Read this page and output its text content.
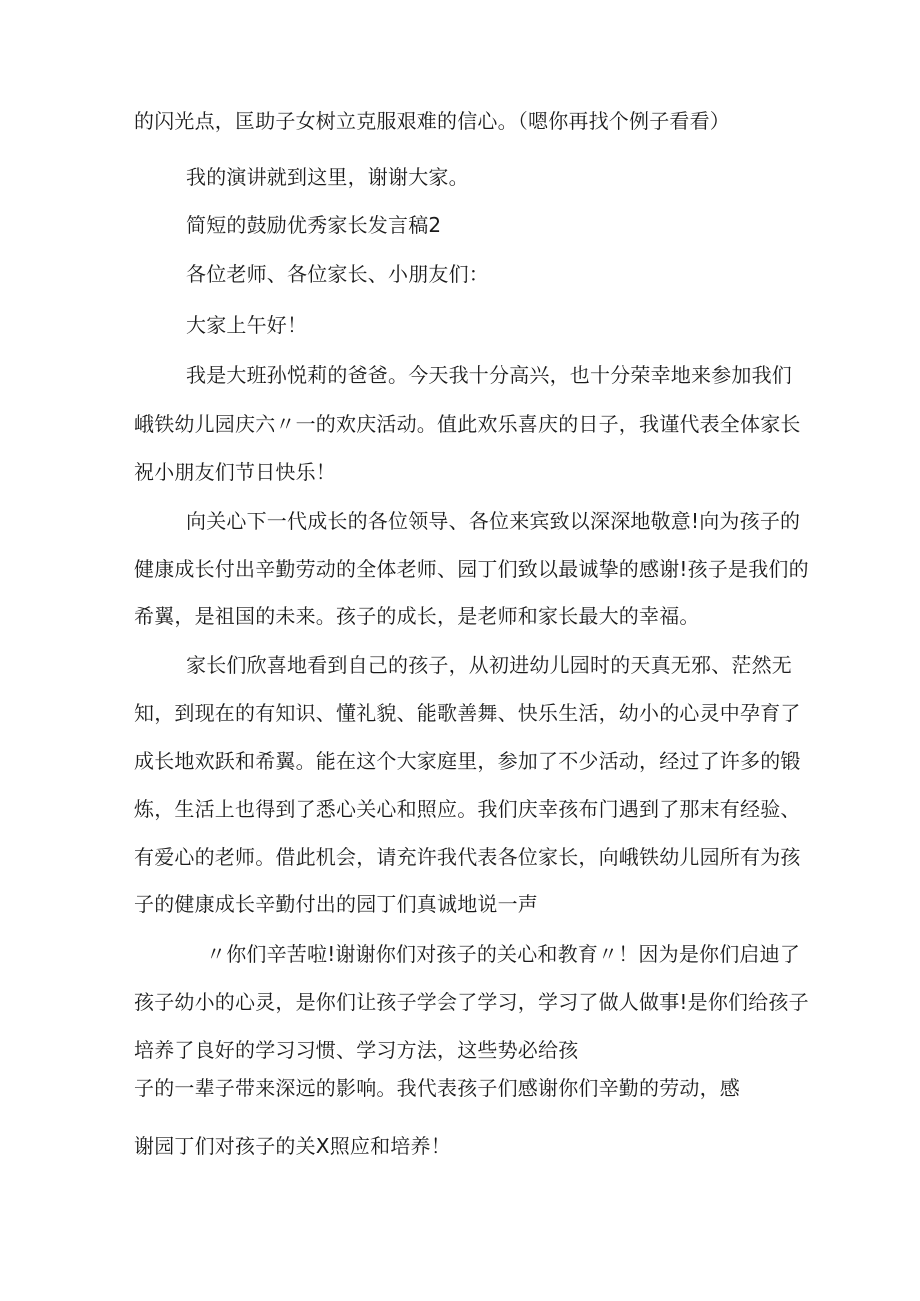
的闪光点，匡助子女树立克服艰难的信心。（嗯你再找个例子看看）
我的演讲就到这里，谢谢大家。
简短的鼓励优秀家长发言稿2
各位老师、各位家长、小朋友们：
大家上午好！
我是大班孙悦莉的爸爸。今天我十分高兴，也十分荣幸地来参加我们
峨铁幼儿园庆六〃一的欢庆活动。值此欢乐喜庆的日子，我谨代表全体家长
祝小朋友们节日快乐！
向关心下一代成长的各位领导、各位来宾致以深深地敬意!向为孩子的
健康成长付出辛勤劳动的全体老师、园丁们致以最诚挚的感谢!孩子是我们的
希翼，是祖国的未来。孩子的成长，是老师和家长最大的幸福。
家长们欣喜地看到自己的孩子，从初进幼儿园时的天真无邪、茫然无
知，到现在的有知识、懂礼貌、能歌善舞、快乐生活，幼小的心灵中孕育了
成长地欢跃和希翼。能在这个大家庭里，参加了不少活动，经过了许多的锻
炼，生活上也得到了悉心关心和照应。我们庆幸孩布门遇到了那末有经验、
有爱心的老师。借此机会，请充许我代表各位家长，向峨铁幼儿园所有为孩
子的健康成长辛勤付出的园丁们真诚地说一声
〃你们辛苦啦!谢谢你们对孩子的关心和教育〃！因为是你们启迪了
孩子幼小的心灵，是你们让孩子学会了学习，学习了做人做事!是你们给孩子
培养了良好的学习习惯、学习方法，这些势必给孩
子的一辈子带来深远的影响。我代表孩子们感谢你们辛勤的劳动，感
谢园丁们对孩子的关X照应和培养！
